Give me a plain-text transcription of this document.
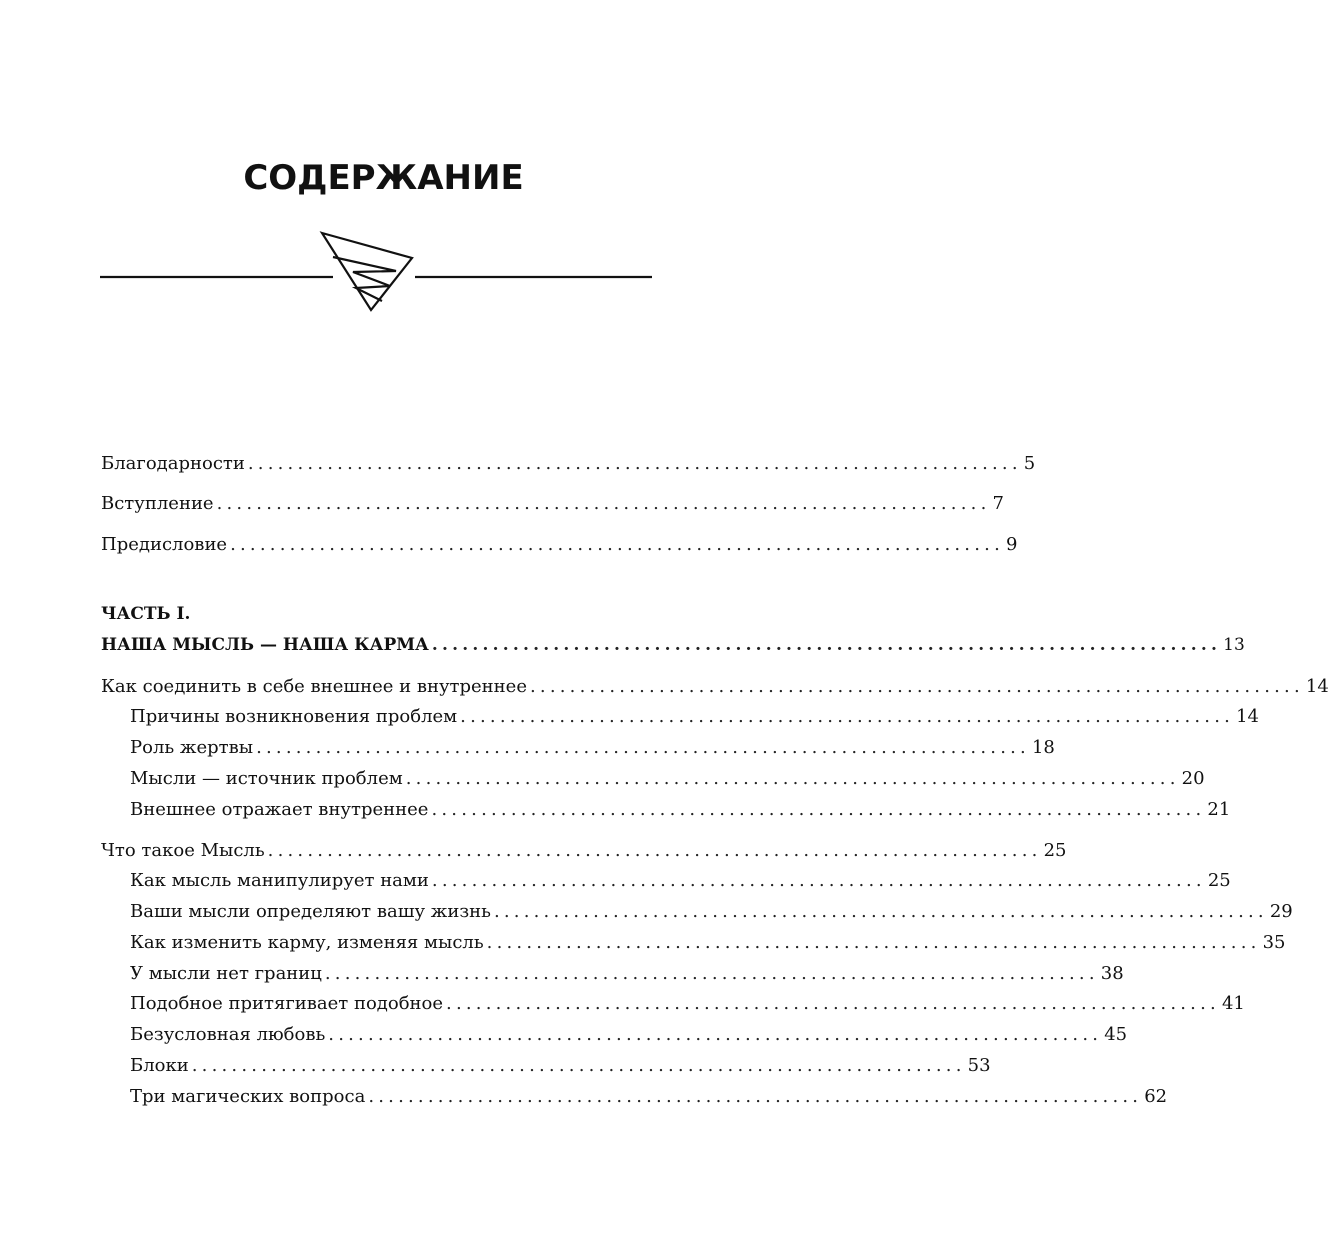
СОДЕРЖАНИЕ
Благодарности .............................................................................. 5
Вступление .............................................................................. 7
Предисловие .............................................................................. 9
ЧАСТЬ I.
НАША МЫСЛЬ — НАША КАРМА .............................................................................. 13
Как соединить в себе внешнее и внутреннее .............................................................................. 14
Причины возникновения проблем .............................................................................. 14
Роль жертвы .............................................................................. 18
Мысли — источник проблем .............................................................................. 20
Внешнее отражает внутреннее .............................................................................. 21
Что такое Мысль .............................................................................. 25
Как мысль манипулирует нами .............................................................................. 25
Ваши мысли определяют вашу жизнь .............................................................................. 29
Как изменить карму, изменяя мысль .............................................................................. 35
У мысли нет границ .............................................................................. 38
Подобное притягивает подобное .............................................................................. 41
Безусловная любовь .............................................................................. 45
Блоки .............................................................................. 53
Три магических вопроса .............................................................................. 62
